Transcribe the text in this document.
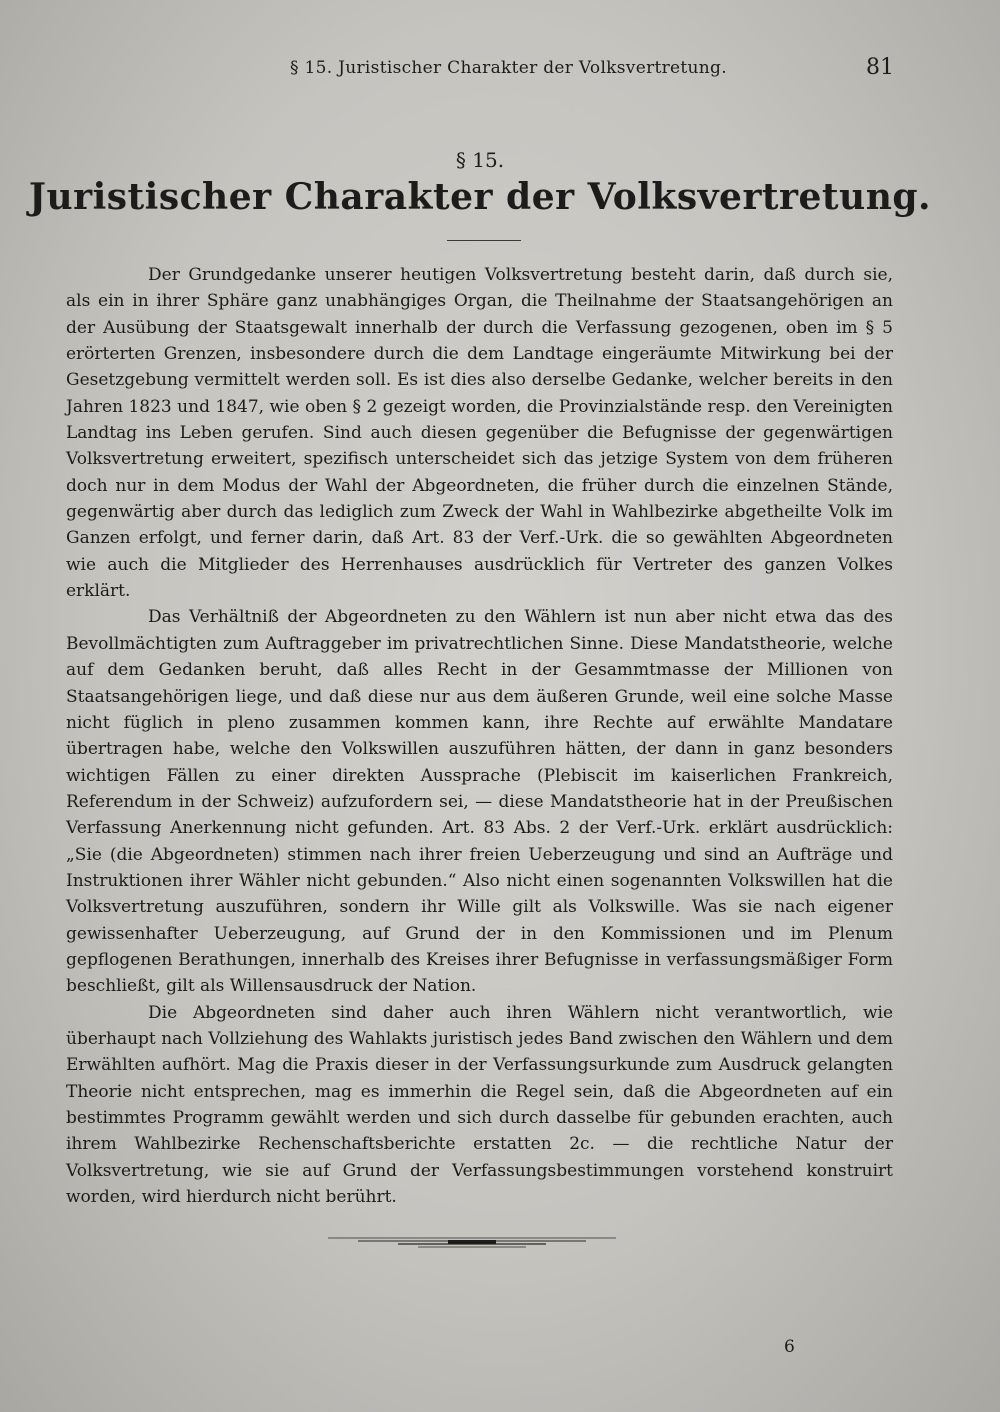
§ 15. Juristischer Charakter der Volksvertretung.	81
§ 15.
Juristischer Charakter der Volksvertretung.

Der Grundgedanke unserer heutigen Volksvertretung besteht darin, daß durch sie, als ein in ihrer Sphäre ganz unabhängiges Organ, die Theilnahme der Staatsangehörigen an der Ausübung der Staatsgewalt innerhalb der durch die Verfassung gezogenen, oben im § 5 erörterten Grenzen, insbesondere durch die dem Landtage eingeräumte Mitwirkung bei der Gesetzgebung vermittelt werden soll. Es ist dies also derselbe Gedanke, welcher bereits in den Jahren 1823 und 1847, wie oben § 2 gezeigt worden, die Provinzialstände resp. den Vereinigten Landtag ins Leben gerufen. Sind auch diesen gegenüber die Befugnisse der gegenwärtigen Volksvertretung erweitert, spezifisch unterscheidet sich das jetzige System von dem früheren doch nur in dem Modus der Wahl der Abgeordneten, die früher durch die einzelnen Stände, gegenwärtig aber durch das lediglich zum Zweck der Wahl in Wahlbezirke abgetheilte Volk im Ganzen erfolgt, und ferner darin, daß Art. 83 der Verf.-Urk. die so gewählten Abgeordneten wie auch die Mitglieder des Herrenhauses ausdrücklich für Vertreter des ganzen Volkes erklärt.

Das Verhältniß der Abgeordneten zu den Wählern ist nun aber nicht etwa das des Bevollmächtigten zum Auftraggeber im privatrechtlichen Sinne. Diese Mandatstheorie, welche auf dem Gedanken beruht, daß alles Recht in der Gesammtmasse der Millionen von Staatsangehörigen liege, und daß diese nur aus dem äußeren Grunde, weil eine solche Masse nicht füglich in pleno zusammen kommen kann, ihre Rechte auf erwählte Mandatare übertragen habe, welche den Volkswillen auszuführen hätten, der dann in ganz besonders wichtigen Fällen zu einer direkten Aussprache (Plebiscit im kaiserlichen Frankreich, Referendum in der Schweiz) aufzufordern sei, — diese Mandatstheorie hat in der Preußischen Verfassung Anerkennung nicht gefunden. Art. 83 Abs. 2 der Verf.-Urk. erklärt ausdrücklich: „Sie (die Abgeordneten) stimmen nach ihrer freien Ueberzeugung und sind an Aufträge und Instruktionen ihrer Wähler nicht gebunden.“ Also nicht einen sogenannten Volkswillen hat die Volksvertretung auszuführen, sondern ihr Wille gilt als Volkswille. Was sie nach eigener gewissenhafter Ueberzeugung, auf Grund der in den Kommissionen und im Plenum gepflogenen Berathungen, innerhalb des Kreises ihrer Befugnisse in verfassungsmäßiger Form beschließt, gilt als Willensausdruck der Nation.

Die Abgeordneten sind daher auch ihren Wählern nicht verantwortlich, wie überhaupt nach Vollziehung des Wahlakts juristisch jedes Band zwischen den Wählern und dem Erwählten aufhört. Mag die Praxis dieser in der Verfassungsurkunde zum Ausdruck gelangten Theorie nicht entsprechen, mag es immerhin die Regel sein, daß die Abgeordneten auf ein bestimmtes Programm gewählt werden und sich durch dasselbe für gebunden erachten, auch ihrem Wahlbezirke Rechenschaftsberichte erstatten 2c. — die rechtliche Natur der Volksvertretung, wie sie auf Grund der Verfassungsbestimmungen vorstehend konstruirt worden, wird hierdurch nicht berührt.

6
